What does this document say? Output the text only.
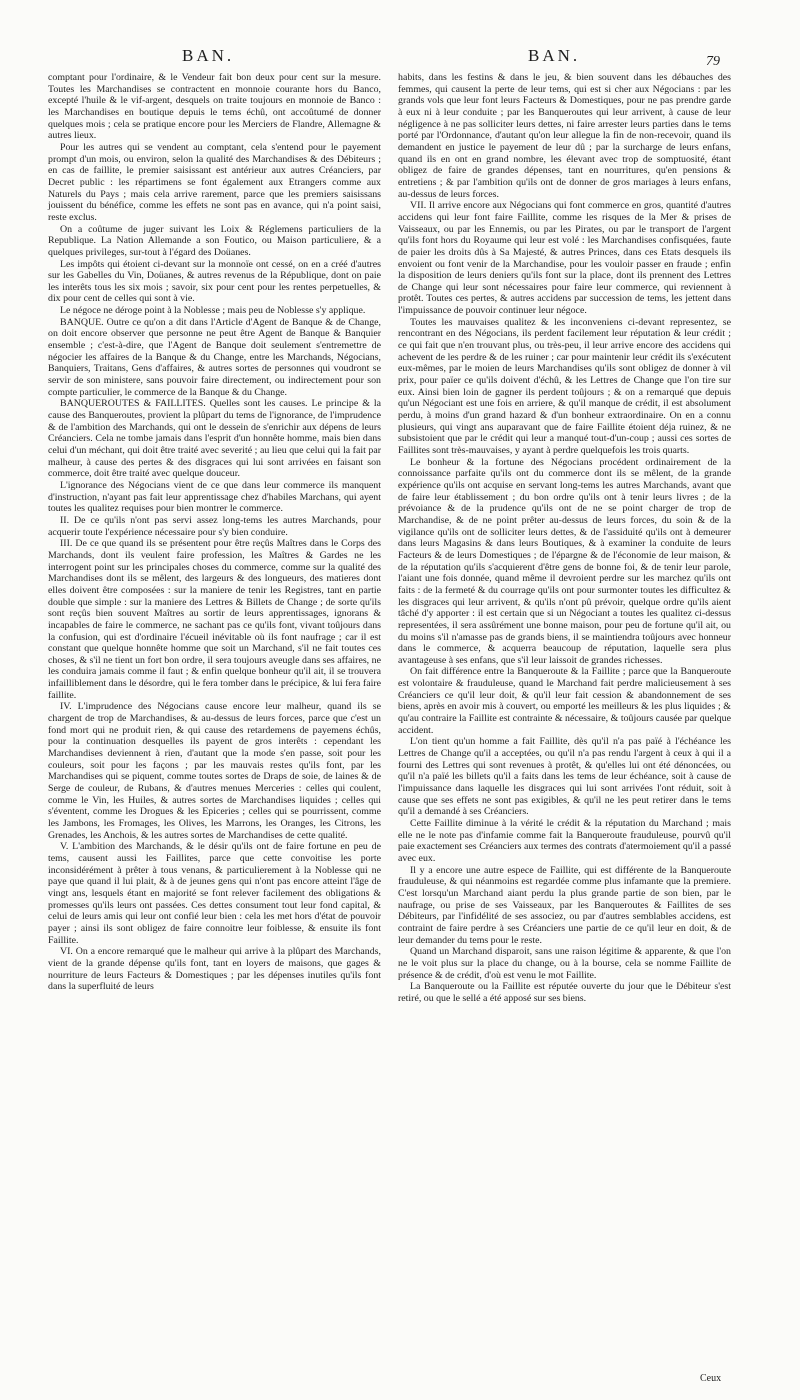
BAN.	BAN.	79

comptant pour l'ordinaire, & le Vendeur fait bon deux pour cent sur la mesure. Toutes les Marchandises se contractent en monnoie courante hors du Banco, excepté l'huile & le vif-argent, desquels on traite toujours en monnoie de Banco : les Marchandises en boutique depuis le tems échû, ont accoûtumé de donner quelques mois ; cela se pratique encore pour les Merciers de Flandre, Allemagne & autres lieux.

Pour les autres qui se vendent au comptant, cela s'entend pour le payement prompt d'un mois, ou environ, selon la qualité des Marchandises & des Débiteurs ; en cas de faillite, le premier saisissant est antérieur aux autres Créanciers, par Decret public : les répartimens se font également aux Etrangers comme aux Naturels du Pays ; mais cela arrive rarement, parce que les premiers saisissans jouissent du bénéfice, comme les effets ne sont pas en avance, qui n'a point saisi, reste exclus.

On a coûtume de juger suivant les Loix & Réglemens particuliers de la Republique. La Nation Allemande a son Foutico, ou Maison particuliere, & a quelques privileges, sur-tout à l'égard des Doüanes.

Les impôts qui étoient ci-devant sur la monnoïe ont cessé, on en a créé d'autres sur les Gabelles du Vin, Doüanes, & autres revenus de la République, dont on paie les interêts tous les six mois ; savoir, six pour cent pour les rentes perpetuelles, & dix pour cent de celles qui sont à vie.

Le négoce ne déroge point à la Noblesse ; mais peu de Noblesse s'y applique.

BANQUE. Outre ce qu'on a dit dans l'Article d'Agent de Banque & de Change, on doit encore observer que personne ne peut être Agent de Banque & Banquier ensemble ; c'est-à-dire, que l'Agent de Banque doit seulement s'entremettre de négocier les affaires de la Banque & du Change, entre les Marchands, Négocians, Banquiers, Traitans, Gens d'affaires, & autres sortes de personnes qui voudront se servir de son ministere, sans pouvoir faire directement, ou indirectement pour son compte particulier, le commerce de la Banque & du Change.

BANQUEROUTES & FAILLITES. Quelles sont les causes. Le principe & la cause des Banqueroutes, provient la plûpart du tems de l'ignorance, de l'imprudence & de l'ambition des Marchands, qui ont le dessein de s'enrichir aux dépens de leurs Créanciers. Cela ne tombe jamais dans l'esprit d'un honnête homme, mais bien dans celui d'un méchant, qui doit être traité avec severité ; au lieu que celui qui la fait par malheur, à cause des pertes & des disgraces qui lui sont arrivées en faisant son commerce, doit être traité avec quelque douceur.

L'ignorance des Négocians vient de ce que dans leur commerce ils manquent d'instruction, n'ayant pas fait leur apprentissage chez d'habiles Marchans, qui ayent toutes les qualitez requises pour bien montrer le commerce.

II. De ce qu'ils n'ont pas servi assez long-tems les autres Marchands, pour acquerir toute l'expérience nécessaire pour s'y bien conduire.

III. De ce que quand ils se présentent pour être reçûs Maîtres dans le Corps des Marchands, dont ils veulent faire profession, les Maîtres & Gardes ne les interrogent point sur les principales choses du commerce, comme sur la qualité des Marchandises dont ils se mêlent, des largeurs & des longueurs, des matieres dont elles doivent être composées : sur la maniere de tenir les Registres, tant en partie double que simple : sur la maniere des Lettres & Billets de Change ; de sorte qu'ils sont reçûs bien souvent Maîtres au sortir de leurs apprentissages, ignorans & incapables de faire le commerce, ne sachant pas ce qu'ils font, vivant toûjours dans la confusion, qui est d'ordinaire l'écueil inévitable où ils font naufrage ; car il est constant que quelque honnête homme que soit un Marchand, s'il ne fait toutes ces choses, & s'il ne tient un fort bon ordre, il sera toujours aveugle dans ses affaires, ne les conduira jamais comme il faut ; & enfin quelque bonheur qu'il ait, il se trouvera infailliblement dans le désordre, qui le fera tomber dans le précipice, & lui fera faire faillite.

IV. L'imprudence des Négocians cause encore leur malheur, quand ils se chargent de trop de Marchandises, & au-dessus de leurs forces, parce que c'est un fond mort qui ne produit rien, & qui cause des retardemens de payemens échûs, pour la continuation desquelles ils payent de gros interêts : cependant les Marchandises deviennent à rien, d'autant que la mode s'en passe, soit pour les couleurs, soit pour les façons ; par les mauvais restes qu'ils font, par les Marchandises qui se piquent, comme toutes sortes de Draps de soie, de laines & de Serge de couleur, de Rubans, & d'autres menues Merceries : celles qui coulent, comme le Vin, les Huiles, & autres sortes de Marchandises liquides ; celles qui s'éventent, comme les Drogues & les Epiceries ; celles qui se pourrissent, comme les Jambons, les Fromages, les Olives, les Marrons, les Oranges, les Citrons, les Grenades, les Anchois, & les autres sortes de Marchandises de cette qualité.

V. L'ambition des Marchands, & le désir qu'ils ont de faire fortune en peu de tems, causent aussi les Faillites, parce que cette convoitise les porte inconsidérément à prêter à tous venans, & particulierement à la Noblesse qui ne paye que quand il lui plait, & à de jeunes gens qui n'ont pas encore atteint l'âge de vingt ans, lesquels étant en majorité se font relever facilement des obligations & promesses qu'ils leurs ont passées. Ces dettes consument tout leur fond capital, & celui de leurs amis qui leur ont confié leur bien : cela les met hors d'état de pouvoir payer ; ainsi ils sont obligez de faire connoitre leur foiblesse, & ensuite ils font Faillite.

VI. On a encore remarqué que le malheur qui arrive à la plûpart des Marchands, vient de la grande dépense qu'ils font, tant en loyers de maisons, que gages & nourriture de leurs Facteurs & Domestiques ; par les dépenses inutiles qu'ils font dans la superfluité de leurs

habits, dans les festins & dans le jeu, & bien souvent dans les débauches des femmes, qui causent la perte de leur tems, qui est si cher aux Négocians : par les grands vols que leur font leurs Facteurs & Domestiques, pour ne pas prendre garde à eux ni à leur conduite ; par les Banqueroutes qui leur arrivent, à cause de leur négligence à ne pas solliciter leurs dettes, ni faire arrester leurs parties dans le tems porté par l'Ordonnance, d'autant qu'on leur allegue la fin de non-recevoir, quand ils demandent en justice le payement de leur dû ; par la surcharge de leurs enfans, quand ils en ont en grand nombre, les élevant avec trop de somptuosité, étant obligez de faire de grandes dépenses, tant en nourritures, qu'en pensions & entretiens ; & par l'ambition qu'ils ont de donner de gros mariages à leurs enfans, au-dessus de leurs forces.

VII. Il arrive encore aux Négocians qui font commerce en gros, quantité d'autres accidens qui leur font faire Faillite, comme les risques de la Mer & prises de Vaisseaux, ou par les Ennemis, ou par les Pirates, ou par le transport de l'argent qu'ils font hors du Royaume qui leur est volé : les Marchandises confisquées, faute de paier les droits dûs à Sa Majesté, & autres Princes, dans ces Etats desquels ils envoient ou font venir de la Marchandise, pour les vouloir passer en fraude ; enfin la disposition de leurs deniers qu'ils font sur la place, dont ils prennent des Lettres de Change qui leur sont nécessaires pour faire leur commerce, qui reviennent à protêt. Toutes ces pertes, & autres accidens par succession de tems, les jettent dans l'impuissance de pouvoir continuer leur négoce.

Toutes les mauvaises qualitez & les inconveniens ci-devant representez, se rencontrant en des Négocians, ils perdent facilement leur réputation & leur crédit ; ce qui fait que n'en trouvant plus, ou très-peu, il leur arrive encore des accidens qui achevent de les perdre & de les ruiner ; car pour maintenir leur crédit ils s'exécutent eux-mêmes, par le moien de leurs Marchandises qu'ils sont obligez de donner à vil prix, pour païer ce qu'ils doivent d'échû, & les Lettres de Change que l'on tire sur eux. Ainsi bien loin de gagner ils perdent toûjours ; & on a remarqué que depuis qu'un Négociant est une fois en arriere, & qu'il manque de crédit, il est absolument perdu, à moins d'un grand hazard & d'un bonheur extraordinaire. On en a connu plusieurs, qui vingt ans auparavant que de faire Faillite étoient déja ruinez, & ne subsistoient que par le crédit qui leur a manqué tout-d'un-coup ; aussi ces sortes de Faillites sont très-mauvaises, y ayant à perdre quelquefois les trois quarts.

Le bonheur & la fortune des Négocians procédent ordinairement de la connoissance parfaite qu'ils ont du commerce dont ils se mêlent, de la grande expérience qu'ils ont acquise en servant long-tems les autres Marchands, avant que de faire leur établissement ; du bon ordre qu'ils ont à tenir leurs livres ; de la prévoiance & de la prudence qu'ils ont de ne se point charger de trop de Marchandise, & de ne point prêter au-dessus de leurs forces, du soin & de la vigilance qu'ils ont de solliciter leurs dettes, & de l'assiduité qu'ils ont à demeurer dans leurs Magasins & dans leurs Boutiques, & à examiner la conduite de leurs Facteurs & de leurs Domestiques ; de l'épargne & de l'économie de leur maison, & de la réputation qu'ils s'acquierent d'être gens de bonne foi, & de tenir leur parole, l'aiant une fois donnée, quand même il devroient perdre sur les marchez qu'ils ont faits : de la fermeté & du courrage qu'ils ont pour surmonter toutes les difficultez & les disgraces qui leur arrivent, & qu'ils n'ont pû prévoir, quelque ordre qu'ils aient tâché d'y apporter : il est certain que si un Négociant a toutes les qualitez ci-dessus representées, il sera assûrément une bonne maison, pour peu de fortune qu'il ait, ou du moins s'il n'amasse pas de grands biens, il se maintiendra toûjours avec honneur dans le commerce, & acquerra beaucoup de réputation, laquelle sera plus avantageuse à ses enfans, que s'il leur laissoit de grandes richesses.

On fait différence entre la Banqueroute & la Faillite ; parce que la Banqueroute est volontaire & frauduleuse, quand le Marchand fait perdre malicieusement à ses Créanciers ce qu'il leur doit, & qu'il leur fait cession & abandonnement de ses biens, après en avoir mis à couvert, ou emporté les meilleurs & les plus liquides ; & qu'au contraire la Faillite est contrainte & nécessaire, & toûjours causée par quelque accident.

L'on tient qu'un homme a fait Faillite, dès qu'il n'a pas païé à l'échéance les Lettres de Change qu'il a acceptées, ou qu'il n'a pas rendu l'argent à ceux à qui il a fourni des Lettres qui sont revenues à protêt, & qu'elles lui ont été dénoncées, ou qu'il n'a païé les billets qu'il a faits dans les tems de leur échéance, soit à cause de l'impuissance dans laquelle les disgraces qui lui sont arrivées l'ont réduit, soit à cause que ses effets ne sont pas exigibles, & qu'il ne les peut retirer dans le tems qu'il a demandé à ses Créanciers.

Cette Faillite diminue à la vérité le crédit & la réputation du Marchand ; mais elle ne le note pas d'infamie comme fait la Banqueroute frauduleuse, pourvû qu'il paie exactement ses Créanciers aux termes des contrats d'atermoiement qu'il a passé avec eux.

Il y a encore une autre espece de Faillite, qui est différente de la Banqueroute frauduleuse, & qui néanmoins est regardée comme plus infamante que la premiere. C'est lorsqu'un Marchand aiant perdu la plus grande partie de son bien, par le naufrage, ou prise de ses Vaisseaux, par les Banqueroutes & Faillites de ses Débiteurs, par l'infidélité de ses associez, ou par d'autres semblables accidens, est contraint de faire perdre à ses Créanciers une partie de ce qu'il leur en doit, & de leur demander du tems pour le reste.

Quand un Marchand disparoit, sans une raison légitime & apparente, & que l'on ne le voit plus sur la place du change, ou à la bourse, cela se nomme Faillite de présence & de crédit, d'où est venu le mot Faillite.

La Banqueroute ou la Faillite est réputée ouverte du jour que le Débiteur s'est retiré, ou que le sellé a été apposé sur ses biens.

Ceux
